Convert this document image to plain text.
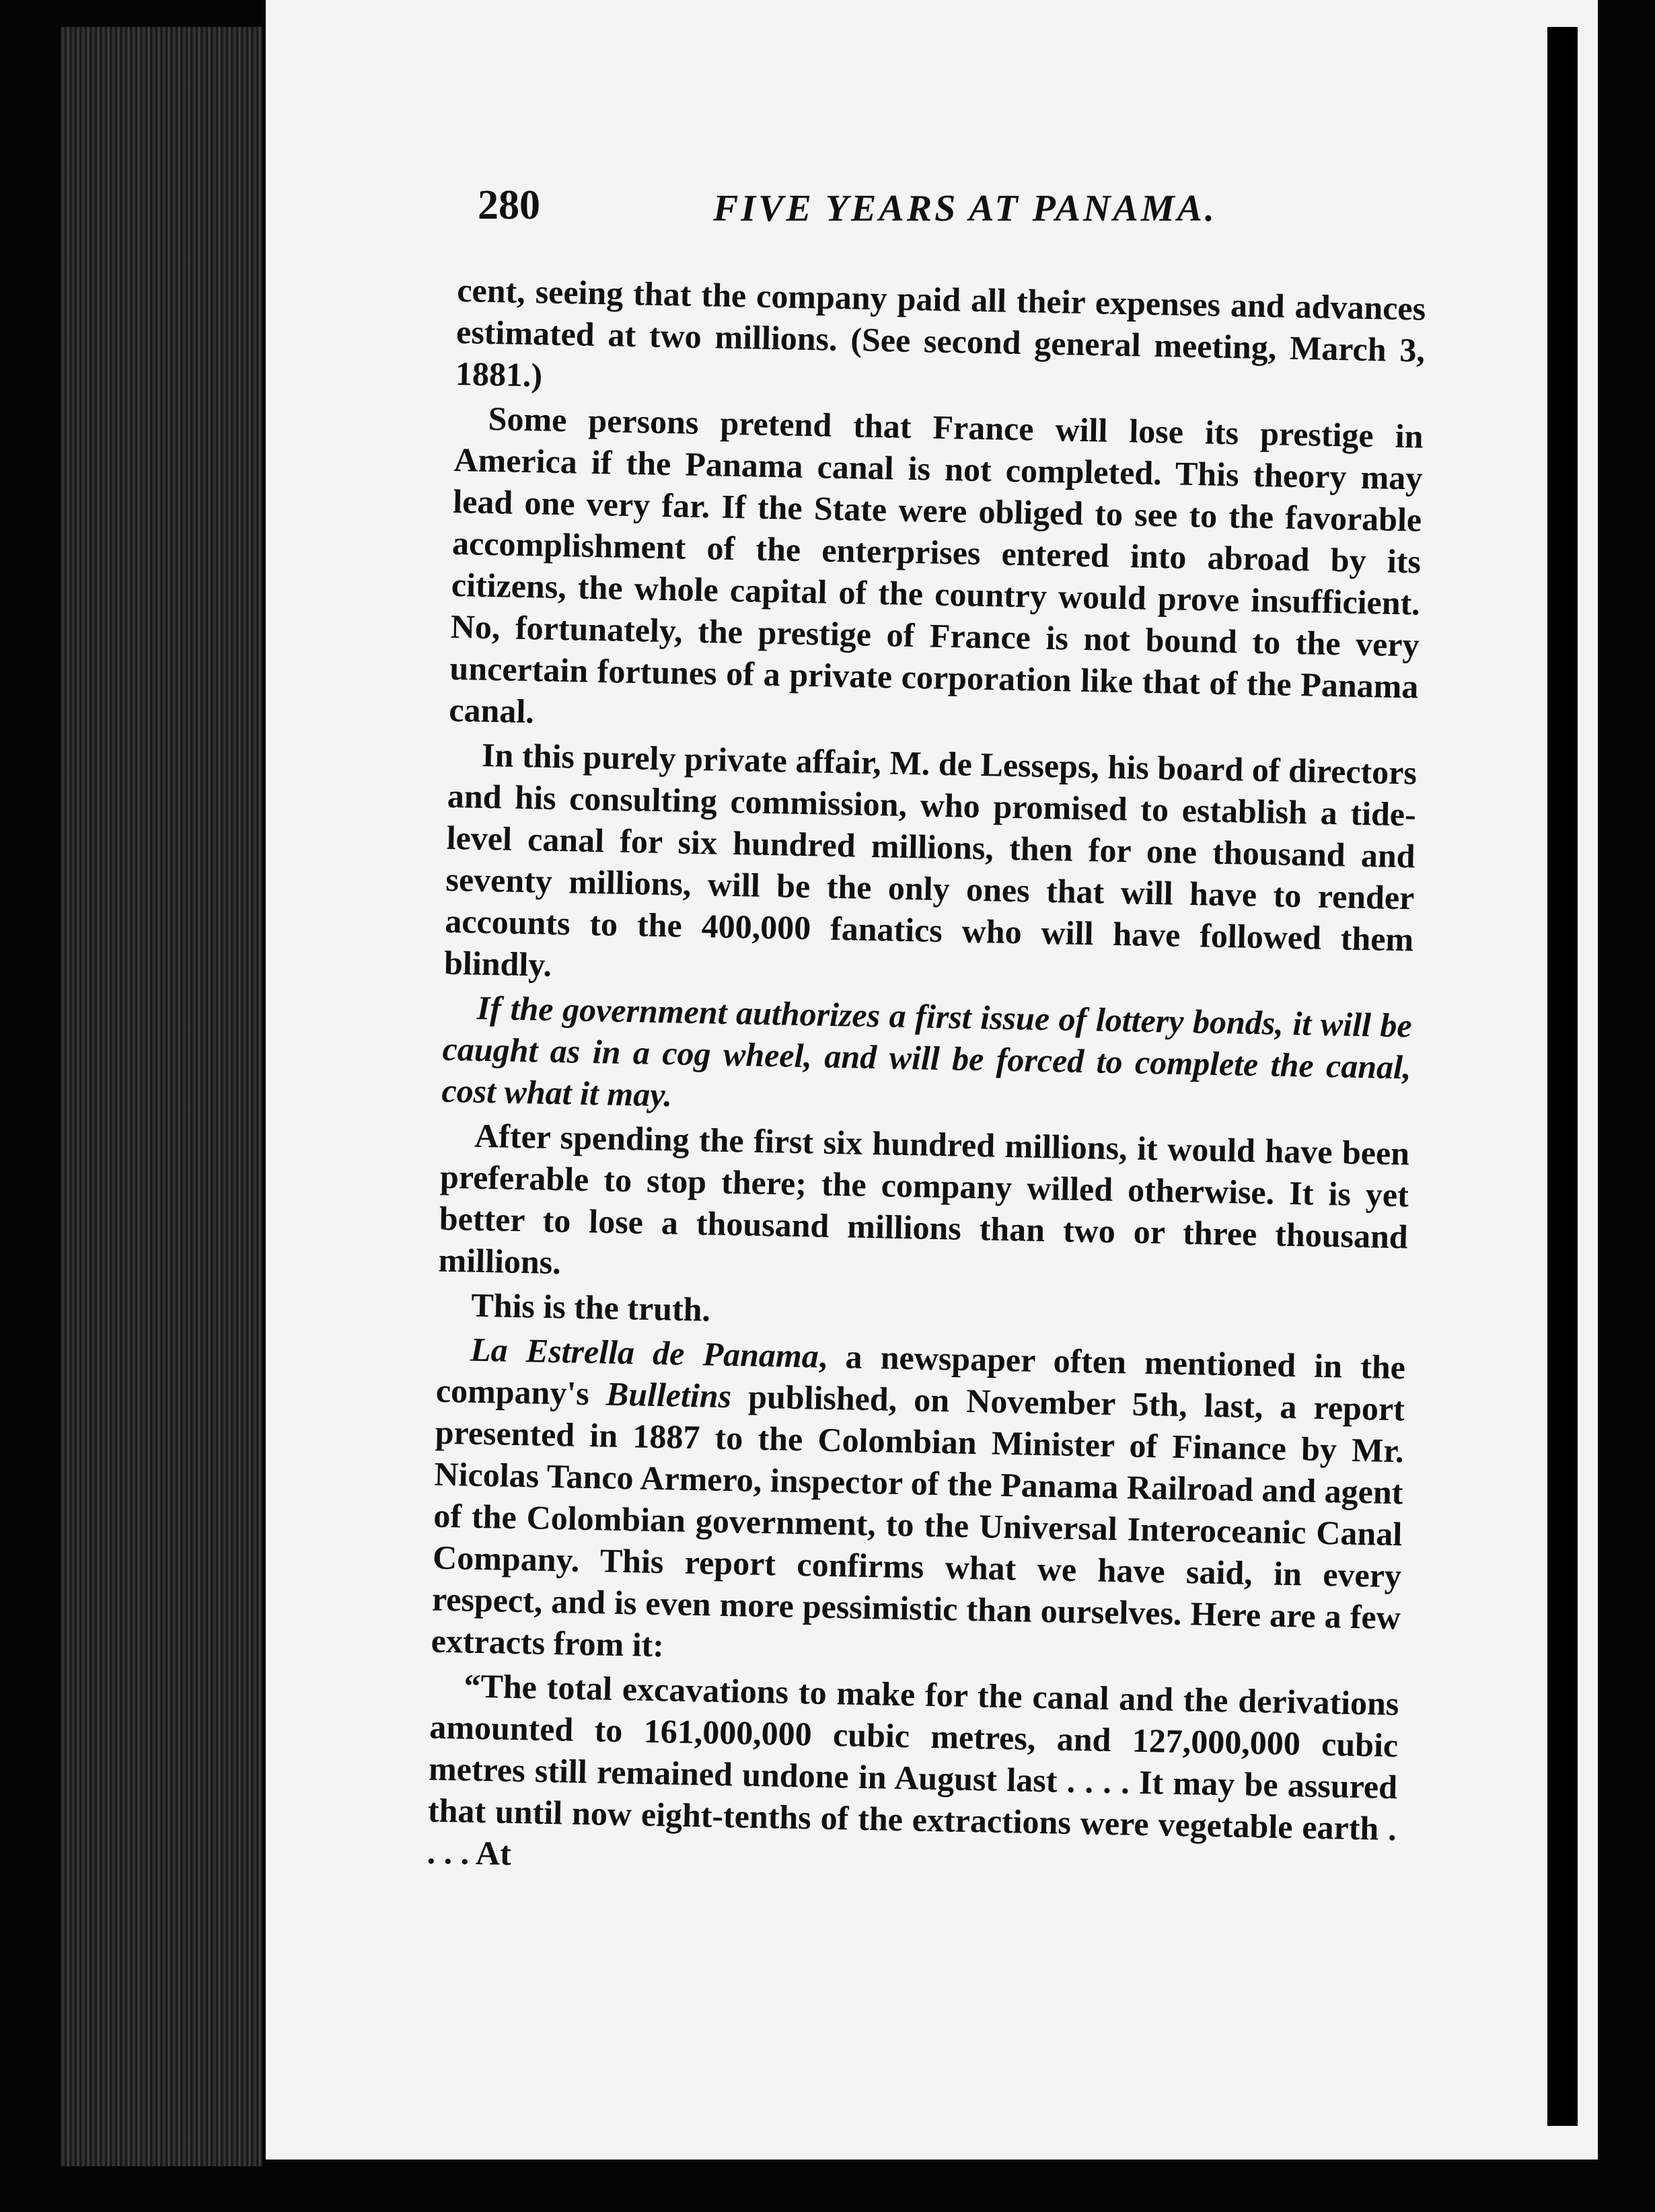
280	FIVE YEARS AT PANAMA.

cent, seeing that the company paid all their expenses and advances estimated at two millions. (See second general meeting, March 3, 1881.)

Some persons pretend that France will lose its prestige in America if the Panama canal is not completed. This theory may lead one very far. If the State were obliged to see to the favorable accomplishment of the enterprises entered into abroad by its citizens, the whole capital of the country would prove insufficient. No, fortunately, the prestige of France is not bound to the very uncertain fortunes of a private corporation like that of the Panama canal.

In this purely private affair, M. de Lesseps, his board of directors and his consulting commission, who promised to establish a tide-level canal for six hundred millions, then for one thousand and seventy millions, will be the only ones that will have to render accounts to the 400,000 fanatics who will have followed them blindly.

If the government authorizes a first issue of lottery bonds, it will be caught as in a cog wheel, and will be forced to complete the canal, cost what it may.

After spending the first six hundred millions, it would have been preferable to stop there; the company willed otherwise. It is yet better to lose a thousand millions than two or three thousand millions.

This is the truth.

La Estrella de Panama, a newspaper often mentioned in the company's Bulletins published, on November 5th, last, a report presented in 1887 to the Colombian Minister of Finance by Mr. Nicolas Tanco Armero, inspector of the Panama Railroad and agent of the Colombian government, to the Universal Interoceanic Canal Company. This report confirms what we have said, in every respect, and is even more pessimistic than ourselves. Here are a few extracts from it:

“The total excavations to make for the canal and the derivations amounted to 161,000,000 cubic metres, and 127,000,000 cubic metres still remained undone in August last . . . . It may be assured that until now eight-tenths of the extractions were vegetable earth . . . . At
